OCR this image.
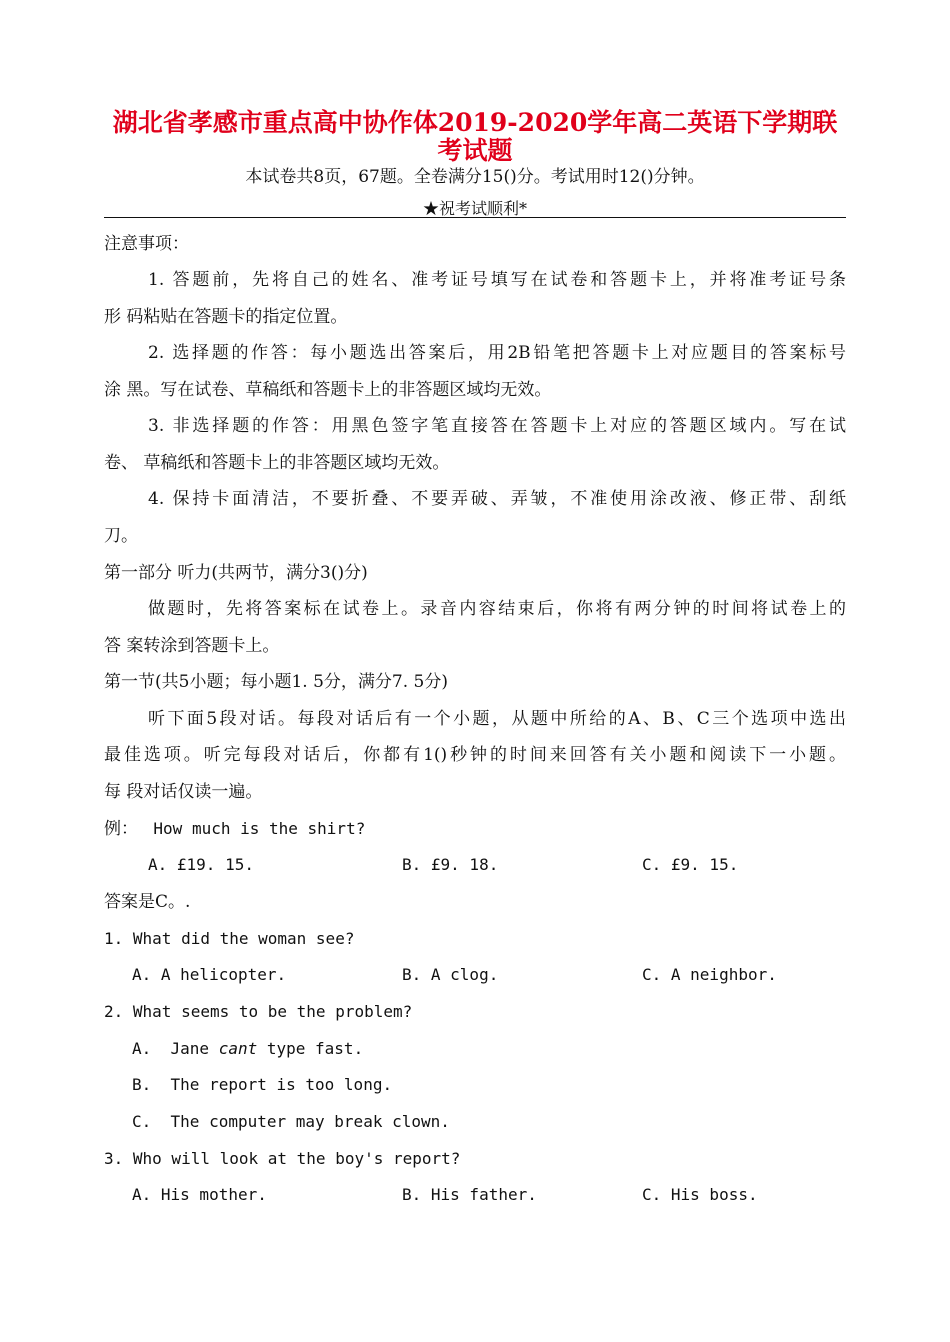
湖北省孝感市重点高中协作体2019-2020学年高二英语下学期联
考试题
本试卷共8页，67题。全卷满分15()分。考试用时12()分钟。
★祝考试顺利*
注意事项：
1. 答题前，先将自己的姓名、准考证号填写在试卷和答题卡上，并将准考证号条
形 码粘贴在答题卡的指定位置。
2. 选择题的作答：每小题选出答案后，用2B铅笔把答题卡上对应题目的答案标号
涂 黑。写在试卷、草稿纸和答题卡上的非答题区域均无效。
3. 非选择题的作答：用黑色签字笔直接答在答题卡上对应的答题区域内。写在试
卷、 草稿纸和答题卡上的非答题区域均无效。
4. 保持卡面清洁，不要折叠、不要弄破、弄皱，不准使用涂改液、修正带、刮纸
刀。
第一部分 听力(共两节，满分3()分)
做题时，先将答案标在试卷上。录音内容结束后，你将有两分钟的时间将试卷上的
答 案转涂到答题卡上。
第一节(共5小题；每小题1. 5分，满分7. 5分)
听下面5段对话。每段对话后有一个小题，从题中所给的A、B、C三个选项中选出
最佳选项。听完每段对话后，你都有1()秒钟的时间来回答有关小题和阅读下一小题。
每 段对话仅读一遍。
例： How much is the shirt?
A. £19. 15.	B. £9. 18.	C. £9. 15.
答案是C。.
1. What did the woman see?
A. A helicopter.	B. A clog.	C. A neighbor.
2. What seems to be the problem?
A.  Jane cant type fast.
B.  The report is too long.
C.  The computer may break clown.
3. Who will look at the boy's report?
A. His mother.	B. His father.	C. His boss.
